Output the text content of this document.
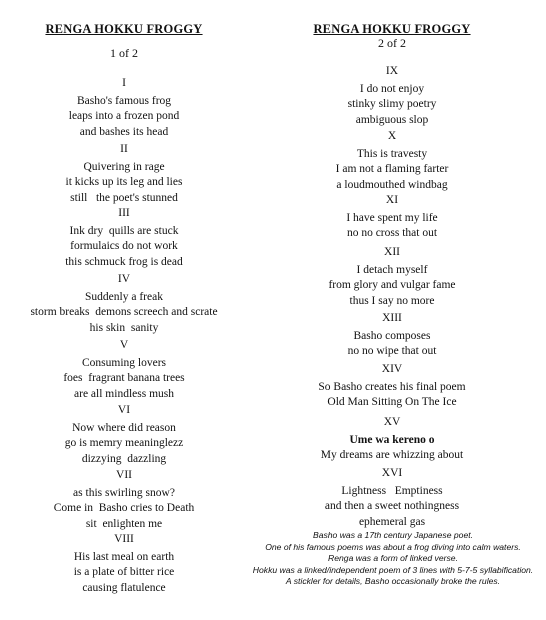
RENGA HOKKU FROGGY
1 of 2
I
Basho's famous frog
leaps into a frozen pond
and bashes its head
II
Quivering in rage
it kicks up its leg and lies
still   the poet's stunned
III
Ink dry  quills are stuck
formulaics do not work
this schmuck frog is dead
IV
Suddenly a freak
storm breaks  demons screech and scrate
his skin  sanity
V
Consuming lovers
foes  fragrant banana trees
are all mindless mush
VI
Now where did reason
go is memry meaninglezz
dizzying  dazzling
VII
as this swirling snow?
Come in  Basho cries to Death
sit  enlighten me
VIII
His last meal on earth
is a plate of bitter rice
causing flatulence
RENGA HOKKU FROGGY
2 of 2
IX
I do not enjoy
stinky slimy poetry
ambiguous slop
X
This is travesty
I am not a flaming farter
a loudmouthed windbag
XI
I have spent my life
no no cross that out
XII
I detach myself
from glory and vulgar fame
thus I say no more
XIII
Basho composes
no no wipe that out
XIV
So Basho creates his final poem
Old Man Sitting On The Ice
XV
Ume wa kereno o
My dreams are whizzing about
XVI
Lightness   Emptiness
and then a sweet nothingness
ephemeral gas
Basho was a 17th century Japanese poet.
One of his famous poems was about a frog diving into calm waters.
Renga was a form of linked verse.
Hokku was a linked/independent poem of 3 lines with 5-7-5 syllabification.
A stickler for details, Basho occasionally broke the rules.
